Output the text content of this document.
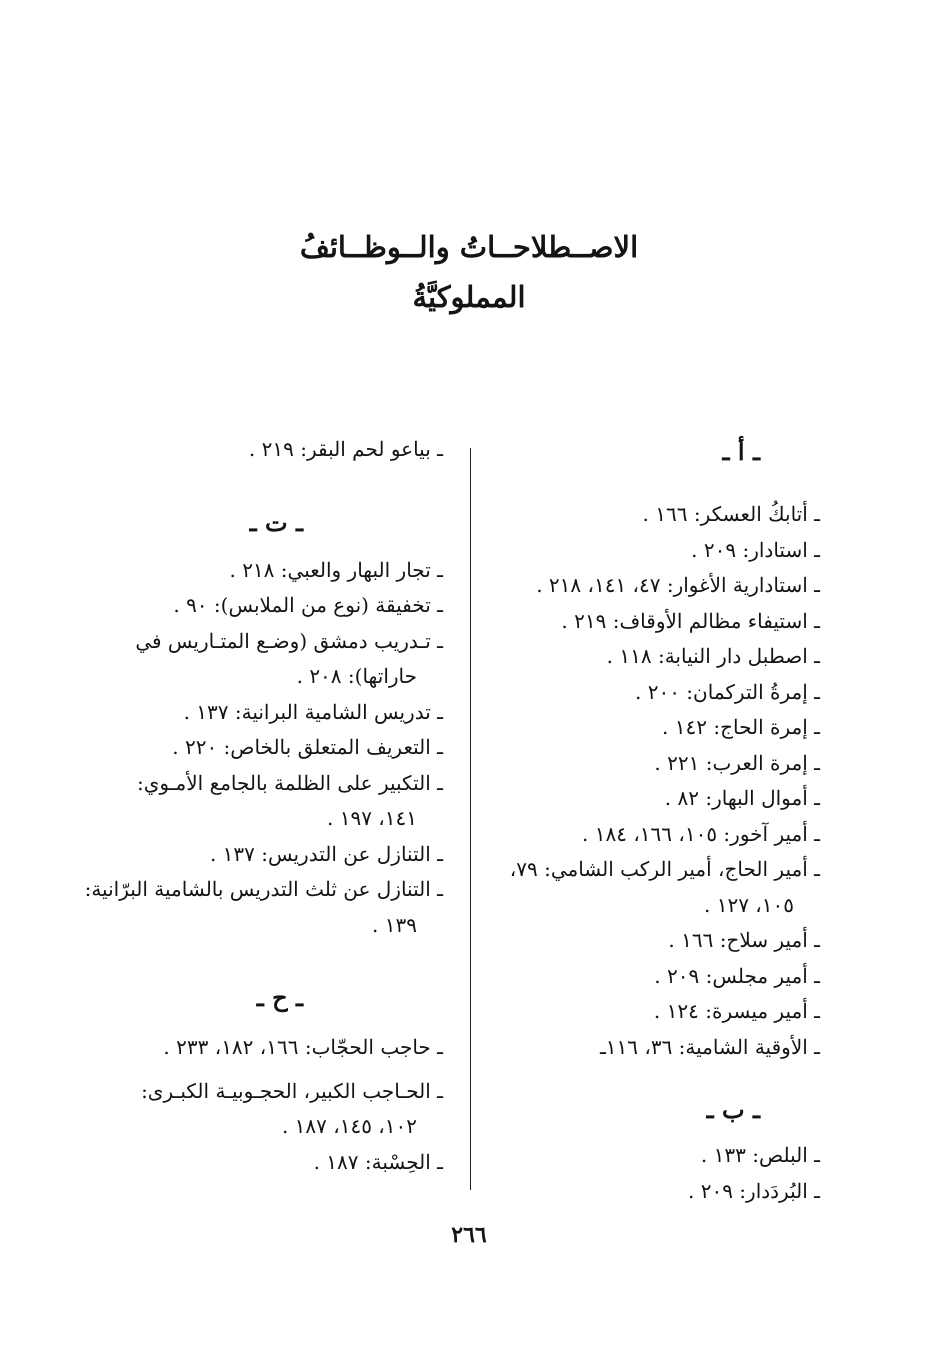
الاصــطلاحــاتُ والــوظــائفُ
المملوكيَّةُ
ـ أ ـ
ـ أتابكُ العسكر: ١٦٦ .
ـ استادار: ٢٠٩ .
ـ استادارية الأغوار: ٤٧، ١٤١، ٢١٨ .
ـ استيفاء مظالم الأوقاف: ٢١٩ .
ـ اصطبل دار النيابة: ١١٨ .
ـ إمرةُ التركمان: ٢٠٠ .
ـ إمرة الحاج: ١٤٢ .
ـ إمرة العرب: ٢٢١ .
ـ أموال البهار: ٨٢ .
ـ أمير آخور: ١٠٥، ١٦٦، ١٨٤ .
ـ أمير الحاج، أمير الركب الشامي: ٧٩،
١٠٥، ١٢٧ .
ـ أمير سلاح: ١٦٦ .
ـ أمير مجلس: ٢٠٩ .
ـ أمير ميسرة: ١٢٤ .
ـ الأوقية الشامية: ٣٦، ١١٦ـ
ـ ب ـ
ـ البلص: ١٣٣ .
ـ البُردَدار: ٢٠٩ .
ـ بياعو لحم البقر: ٢١٩ .
ـ ت ـ
ـ تجار البهار والعبي: ٢١٨ .
ـ تخفيقة (نوع من الملابس): ٩٠ .
ـ تـدريب دمشق (وضـع المتـاريس في
حاراتها): ٢٠٨ .
ـ تدريس الشامية البرانية: ١٣٧ .
ـ التعريف المتعلق بالخاص: ٢٢٠ .
ـ التكبير على الظلمة بالجامع الأمـوي:
١٤١، ١٩٧ .
ـ التنازل عن التدريس: ١٣٧ .
ـ التنازل عن ثلث التدريس بالشامية البرّانية:
١٣٩ .
ـ ح ـ
ـ حاجب الحجّاب: ١٦٦، ١٨٢، ٢٣٣ .
ـ الحـاجب الكبير، الحجـوبيـة الكبـرى:
١٠٢، ١٤٥، ١٨٧ .
ـ الحِسْبة: ١٨٧ .
٢٦٦
